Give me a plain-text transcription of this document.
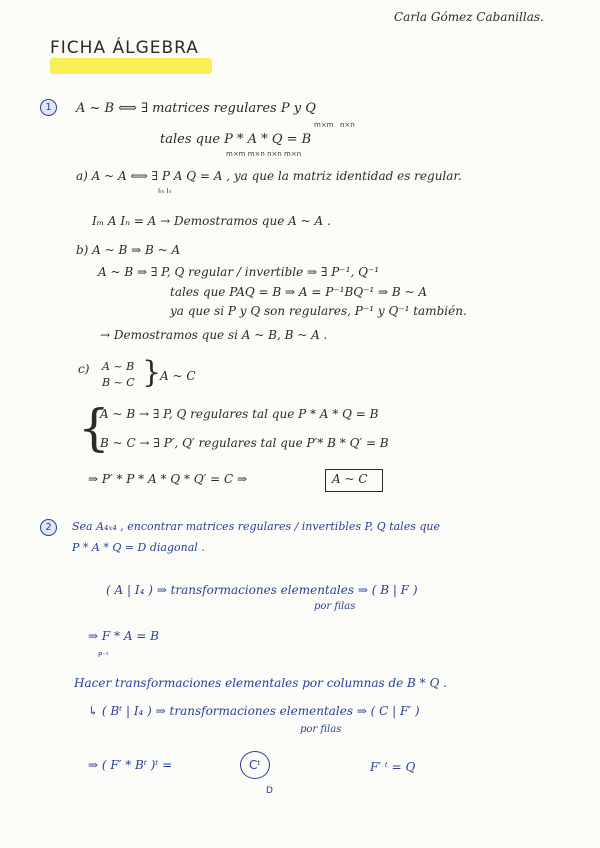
Carla Gómez Cabanillas.
FICHA ÁLGEBRA
1	A ~ B ⟺ ∃ matrices regulares P y Q
m×m n×n
tales que P * A * Q = B
m×m m×n n×n m×n
a) A ~ A ⟺ ∃ P A Q = A , ya que la matriz identidad es regular.
Iₘ Iₙ
Iₘ A Iₙ = A → Demostramos que A ~ A .
b) A ~ B ⇒ B ~ A
A ~ B ⇒ ∃ P, Q regular / invertible ⇒ ∃ P⁻¹, Q⁻¹
tales que PAQ = B ⇒ A = P⁻¹BQ⁻¹ ⇒ B ~ A
ya que si P y Q son regulares, P⁻¹ y Q⁻¹ también.
→ Demostramos que si A ~ B, B ~ A .
c) A ~ B
B ~ C }
A ~ C
{
A ~ B → ∃ P, Q regulares tal que P * A * Q = B
B ~ C → ∃ P′, Q′ regulares tal que P′* B * Q′ = B
⇒ P′ * P * A * Q * Q′ = C ⇒	A ~ C
2	Sea A₄ₓ₄ , encontrar matrices regulares / invertibles P, Q tales que
P * A * Q = D diagonal .
( A | I₄ ) ⇒ transformaciones elementales ⇒ ( B | F )
por filas
⇒ F * A = B
P⁻¹
Hacer transformaciones elementales por columnas de B * Q .
↳ ( Bᵗ | I₄ ) ⇒ transformaciones elementales ⇒ ( C | F′ )
por filas
⇒ ( F′ * Bᵗ )ᵗ =	Cᵗ
D
F′ ᵗ = Q
